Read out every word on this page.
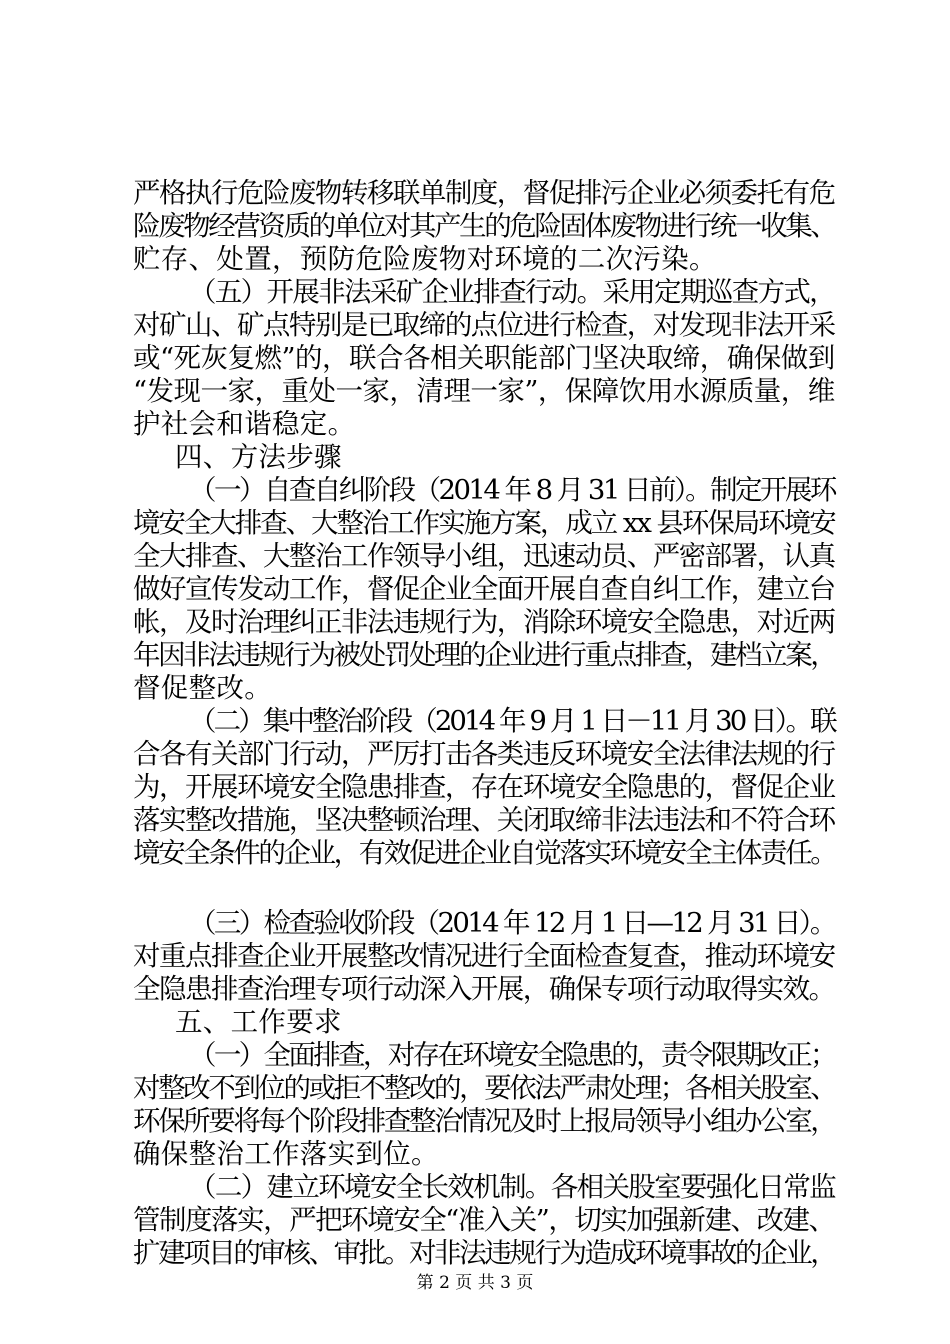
严格执行危险废物转移联单制度，督促排污企业必须委托有危
险废物经营资质的单位对其产生的危险固体废物进行统一收集、
贮存、处置，预防危险废物对环境的二次污染。
（五）开展非法采矿企业排查行动。采用定期巡查方式，
对矿山、矿点特别是已取缔的点位进行检查，对发现非法开采
或“死灰复燃”的，联合各相关职能部门坚决取缔，确保做到
“发现一家，重处一家，清理一家”，保障饮用水源质量，维
护社会和谐稳定。
四、方法步骤
（一）自查自纠阶段（2014 年 8 月 31 日前）。制定开展环
境安全大排查、大整治工作实施方案，成立 xx 县环保局环境安
全大排查、大整治工作领导小组，迅速动员、严密部署，认真
做好宣传发动工作，督促企业全面开展自查自纠工作，建立台
帐，及时治理纠正非法违规行为，消除环境安全隐患，对近两
年因非法违规行为被处罚处理的企业进行重点排查，建档立案，
督促整改。
（二）集中整治阶段（2014 年 9 月 1 日－11 月 30 日）。联
合各有关部门行动，严厉打击各类违反环境安全法律法规的行
为，开展环境安全隐患排查，存在环境安全隐患的，督促企业
落实整改措施，坚决整顿治理、关闭取缔非法违法和不符合环
境安全条件的企业，有效促进企业自觉落实环境安全主体责任。
（三）检查验收阶段（2014 年 12 月 1 日—12 月 31 日）。
对重点排查企业开展整改情况进行全面检查复查，推动环境安
全隐患排查治理专项行动深入开展，确保专项行动取得实效。
五、工作要求
（一）全面排查，对存在环境安全隐患的，责令限期改正；
对整改不到位的或拒不整改的，要依法严肃处理；各相关股室、
环保所要将每个阶段排查整治情况及时上报局领导小组办公室，
确保整治工作落实到位。
（二）建立环境安全长效机制。各相关股室要强化日常监
管制度落实，严把环境安全“准入关”，切实加强新建、改建、
扩建项目的审核、审批。对非法违规行为造成环境事故的企业，
第 2 页 共 3 页
